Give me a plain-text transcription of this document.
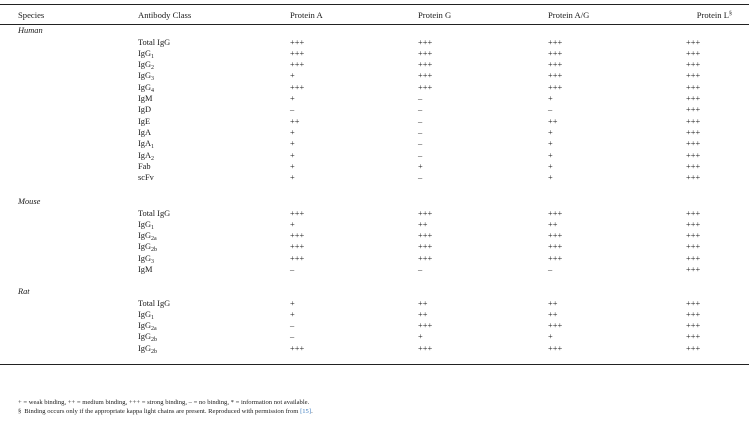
Species	Antibody Class	Protein A	Protein G	Protein A/G	Protein L§
Human
Total IgG	+++	+++	+++	+++
IgG$_1$	+++	+++	+++	+++
IgG$_2$	+++	+++	+++	+++
IgG$_3$	+	+++	+++	+++
IgG$_4$	+++	+++	+++	+++
IgM	+	–	+	+++
IgD	–	–	–	+++
IgE	++	–	++	+++
IgA	+	–	+	+++
IgA$_1$	+	–	+	+++
IgA$_2$	+	–	+	+++
Fab	+	+	+	+++
scFv	+	–	+	+++
Mouse
Total IgG	+++	+++	+++	+++
IgG$_1$	+	++	++	+++
IgG$_{2a}$	+++	+++	+++	+++
IgG$_{2b}$	+++	+++	+++	+++
IgG$_3$	+++	+++	+++	+++
IgM	–	–	–	+++
Rat
Total IgG	+	++	++	+++
IgG$_1$	+	++	++	+++
IgG$_{2a}$	–	+++	+++	+++
IgG$_{2b}$	–	+	+	+++
IgG$_{2b}$	+++	+++	+++	+++
+ = weak binding, ++ = medium binding, +++ = strong binding, – = no binding, * = information not available.
§ Binding occurs only if the appropriate kappa light chains are present. Reproduced with permission from [15].
